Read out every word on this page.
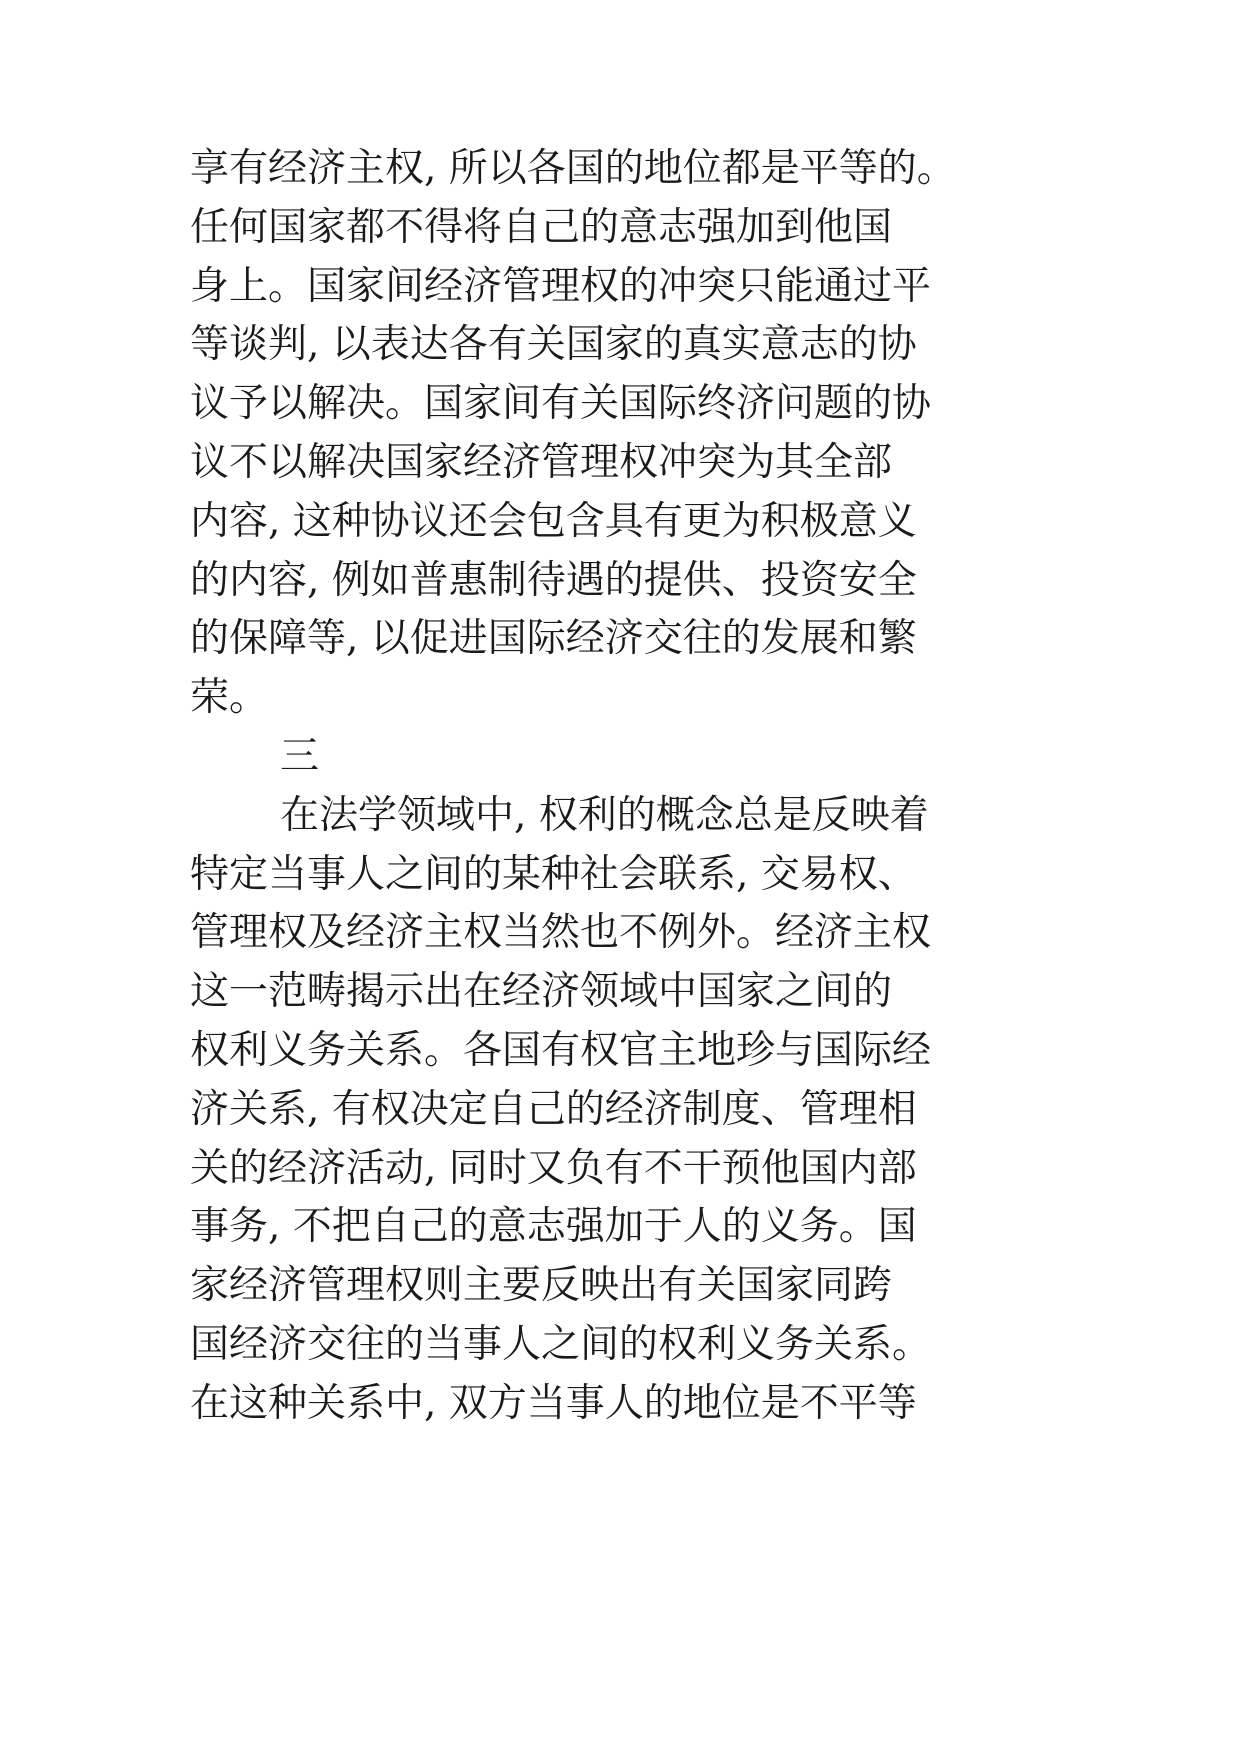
享有经济主权, 所以各国的地位都是平等的。
任何国家都不得将自己的意志强加到他国
身上。国家间经济管理权的冲突只能通过平
等谈判, 以表达各有关国家的真实意志的协
议予以解决。国家间有关国际终济问题的协
议不以解决国家经济管理权冲突为其全部
内容, 这种协议还会包含具有更为积极意义
的内容, 例如普惠制待遇的提供、投资安全
的保障等, 以促进国际经济交往的发展和繁
荣。
三
在法学领域中, 权利的概念总是反映着
特定当事人之间的某种社会联系, 交易权、
管理权及经济主权当然也不例外。经济主权
这一范畴揭示出在经济领域中国家之间的
权利义务关系。各国有权官主地珍与国际经
济关系, 有权决定自己的经济制度、管理相
关的经济活动, 同时又负有不干预他国内部
事务, 不把自己的意志强加于人的义务。国
家经济管理权则主要反映出有关国家同跨
国经济交往的当事人之间的权利义务关系。
在这种关系中, 双方当事人的地位是不平等
